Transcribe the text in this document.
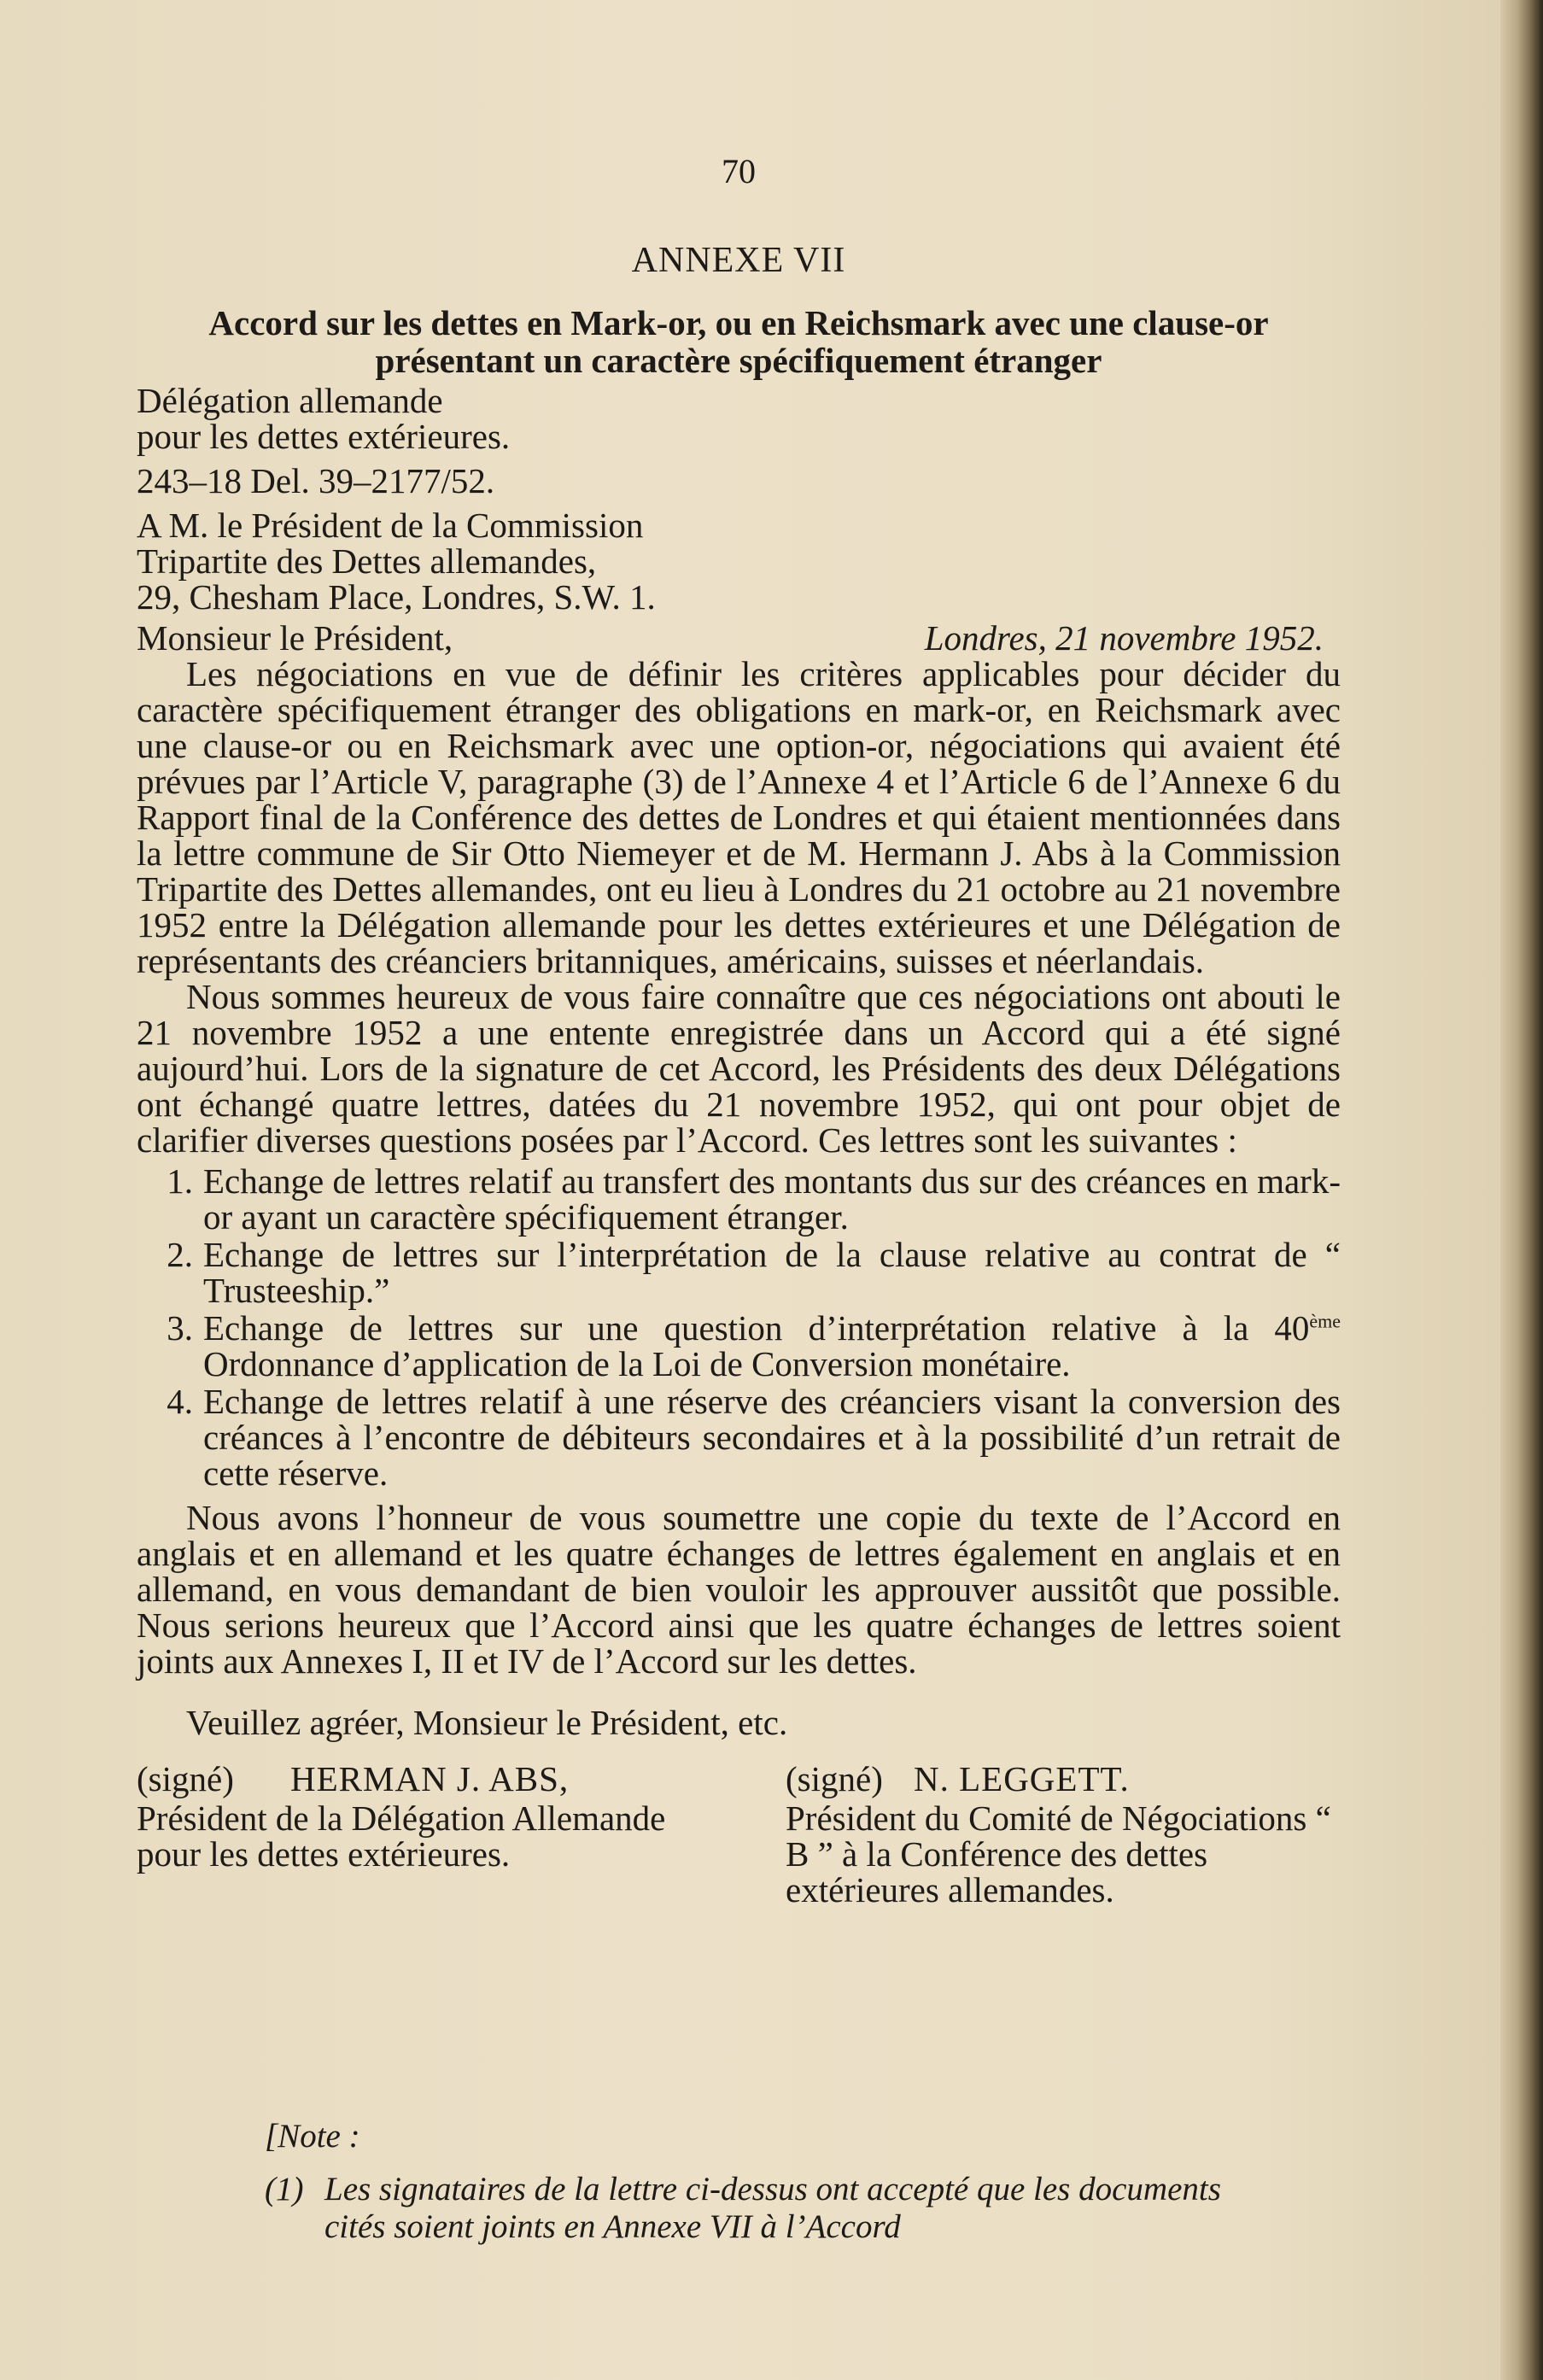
70
ANNEXE VII
Accord sur les dettes en Mark-or, ou en Reichsmark avec une clause-or
présentant un caractère spécifiquement étranger

Délégation allemande

pour les dettes extérieures.

243–18 Del. 39–2177/52.

A M. le Président de la Commission

Tripartite des Dettes allemandes,

29, Chesham Place, Londres, S.W. 1.

Monsieur le Président,	Londres, 21 novembre 1952.

Les négociations en vue de définir les critères applicables pour décider du caractère spécifiquement étranger des obligations en mark-or, en Reichsmark avec une clause-or ou en Reichsmark avec une option-or, négociations qui avaient été prévues par l’Article V, paragraphe (3) de l’Annexe 4 et l’Article 6 de l’Annexe 6 du Rapport final de la Conférence des dettes de Londres et qui étaient mentionnées dans la lettre commune de Sir Otto Niemeyer et de M. Hermann J. Abs à la Commission Tripartite des Dettes allemandes, ont eu lieu à Londres du 21 octobre au 21 novembre 1952 entre la Délégation allemande pour les dettes extérieures et une Délégation de représentants des créanciers britanniques, américains, suisses et néerlandais.

Nous sommes heureux de vous faire connaître que ces négociations ont abouti le 21 novembre 1952 a une entente enregistrée dans un Accord qui a été signé aujourd’hui. Lors de la signature de cet Accord, les Présidents des deux Délégations ont échangé quatre lettres, datées du 21 novembre 1952, qui ont pour objet de clarifier diverses questions posées par l’Accord. Ces lettres sont les suivantes :

1. Echange de lettres relatif au transfert des montants dus sur des créances en mark-or ayant un caractère spécifiquement étranger.
2. Echange de lettres sur l’interprétation de la clause relative au contrat de “ Trusteeship.”
3. Echange de lettres sur une question d’interprétation relative à la 40ème Ordonnance d’application de la Loi de Conversion monétaire.
4. Echange de lettres relatif à une réserve des créanciers visant la conversion des créances à l’encontre de débiteurs secondaires et à la possibilité d’un retrait de cette réserve.

Nous avons l’honneur de vous soumettre une copie du texte de l’Accord en anglais et en allemand et les quatre échanges de lettres également en anglais et en allemand, en vous demandant de bien vouloir les approuver aussitôt que possible. Nous serions heureux que l’Accord ainsi que les quatre échanges de lettres soient joints aux Annexes I, II et IV de l’Accord sur les dettes.

Veuillez agréer, Monsieur le Président, etc.

(signé)	HERMAN J. ABS,
Président de la Délégation Allemande pour les dettes extérieures.
(signé) N. LEGGETT.
Président du Comité de Négociations “ B ” à la Conférence des dettes extérieures allemandes.
[Note :
(1) Les signataires de la lettre ci-dessus ont accepté que les documents cités soient joints en Annexe VII à l’Accord
